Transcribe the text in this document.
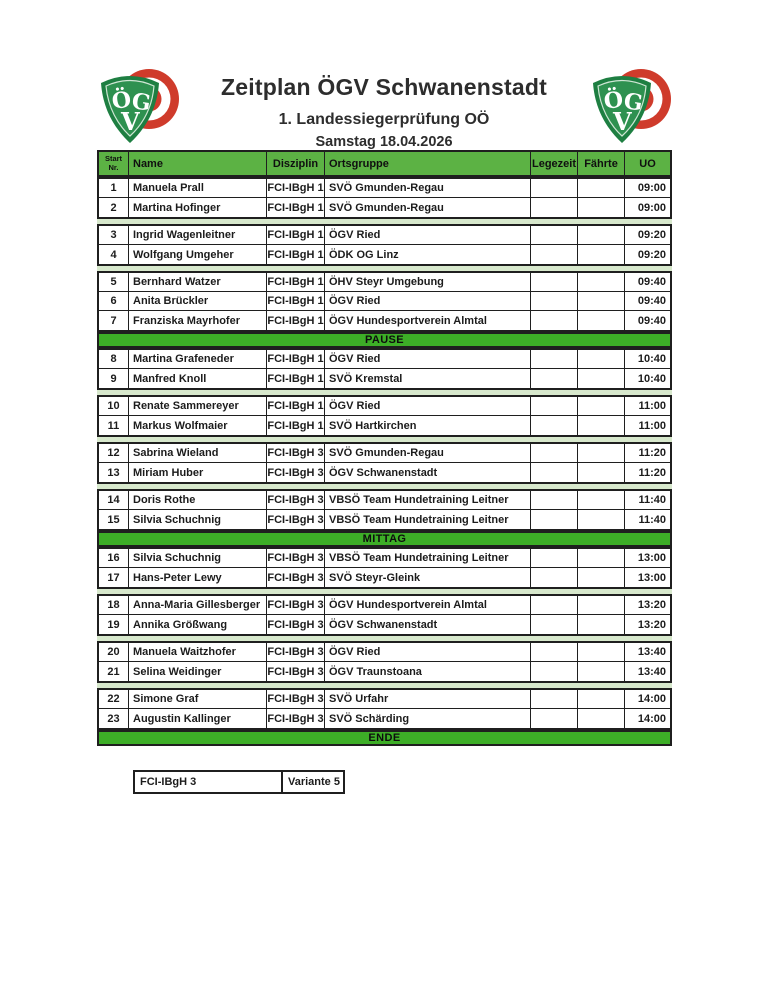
Ö
G
V
Ö
G
V
Zeitplan ÖGV Schwanenstadt
1. Landessiegerprüfung OÖ
Samstag 18.04.2026
Start
Nr.	Name	Disziplin Ortsgruppe	Legezeit Fährte	UO
1	Manuela Prall	FCI-IBgH 1 SVÖ Gmunden-Regau	09:00
2	Martina Hofinger	FCI-IBgH 1 SVÖ Gmunden-Regau	09:00
3	Ingrid Wagenleitner	FCI-IBgH 1 ÖGV Ried	09:20
4	Wolfgang Umgeher	FCI-IBgH 1 ÖDK OG Linz	09:20
5	Bernhard Watzer	FCI-IBgH 1 ÖHV Steyr Umgebung	09:40
6	Anita Brückler	FCI-IBgH 1 ÖGV Ried	09:40
7	Franziska Mayrhofer	FCI-IBgH 1 ÖGV Hundesportverein Almtal	09:40
PAUSE
8	Martina Grafeneder	FCI-IBgH 1 ÖGV Ried	10:40
9	Manfred Knoll	FCI-IBgH 1 SVÖ Kremstal	10:40
10	Renate Sammereyer	FCI-IBgH 1 ÖGV Ried	11:00
11	Markus Wolfmaier	FCI-IBgH 1 SVÖ Hartkirchen	11:00
12	Sabrina Wieland	FCI-IBgH 3 SVÖ Gmunden-Regau	11:20
13	Miriam Huber	FCI-IBgH 3 ÖGV Schwanenstadt	11:20
14	Doris Rothe	FCI-IBgH 3 VBSÖ Team Hundetraining Leitner	11:40
15	Silvia Schuchnig	FCI-IBgH 3 VBSÖ Team Hundetraining Leitner	11:40
MITTAG
16	Silvia Schuchnig	FCI-IBgH 3 VBSÖ Team Hundetraining Leitner	13:00
17	Hans-Peter Lewy	FCI-IBgH 3 SVÖ Steyr-Gleink	13:00
18	Anna-Maria Gillesberger FCI-IBgH 3 ÖGV Hundesportverein Almtal	13:20
19	Annika Größwang	FCI-IBgH 3 ÖGV Schwanenstadt	13:20
20	Manuela Waitzhofer	FCI-IBgH 3 ÖGV Ried	13:40
21	Selina Weidinger	FCI-IBgH 3 ÖGV Traunstoana	13:40
22	Simone Graf	FCI-IBgH 3 SVÖ Urfahr	14:00
23	Augustin Kallinger	FCI-IBgH 3 SVÖ Schärding	14:00
ENDE
FCI-IBgH 3	Variante 5
